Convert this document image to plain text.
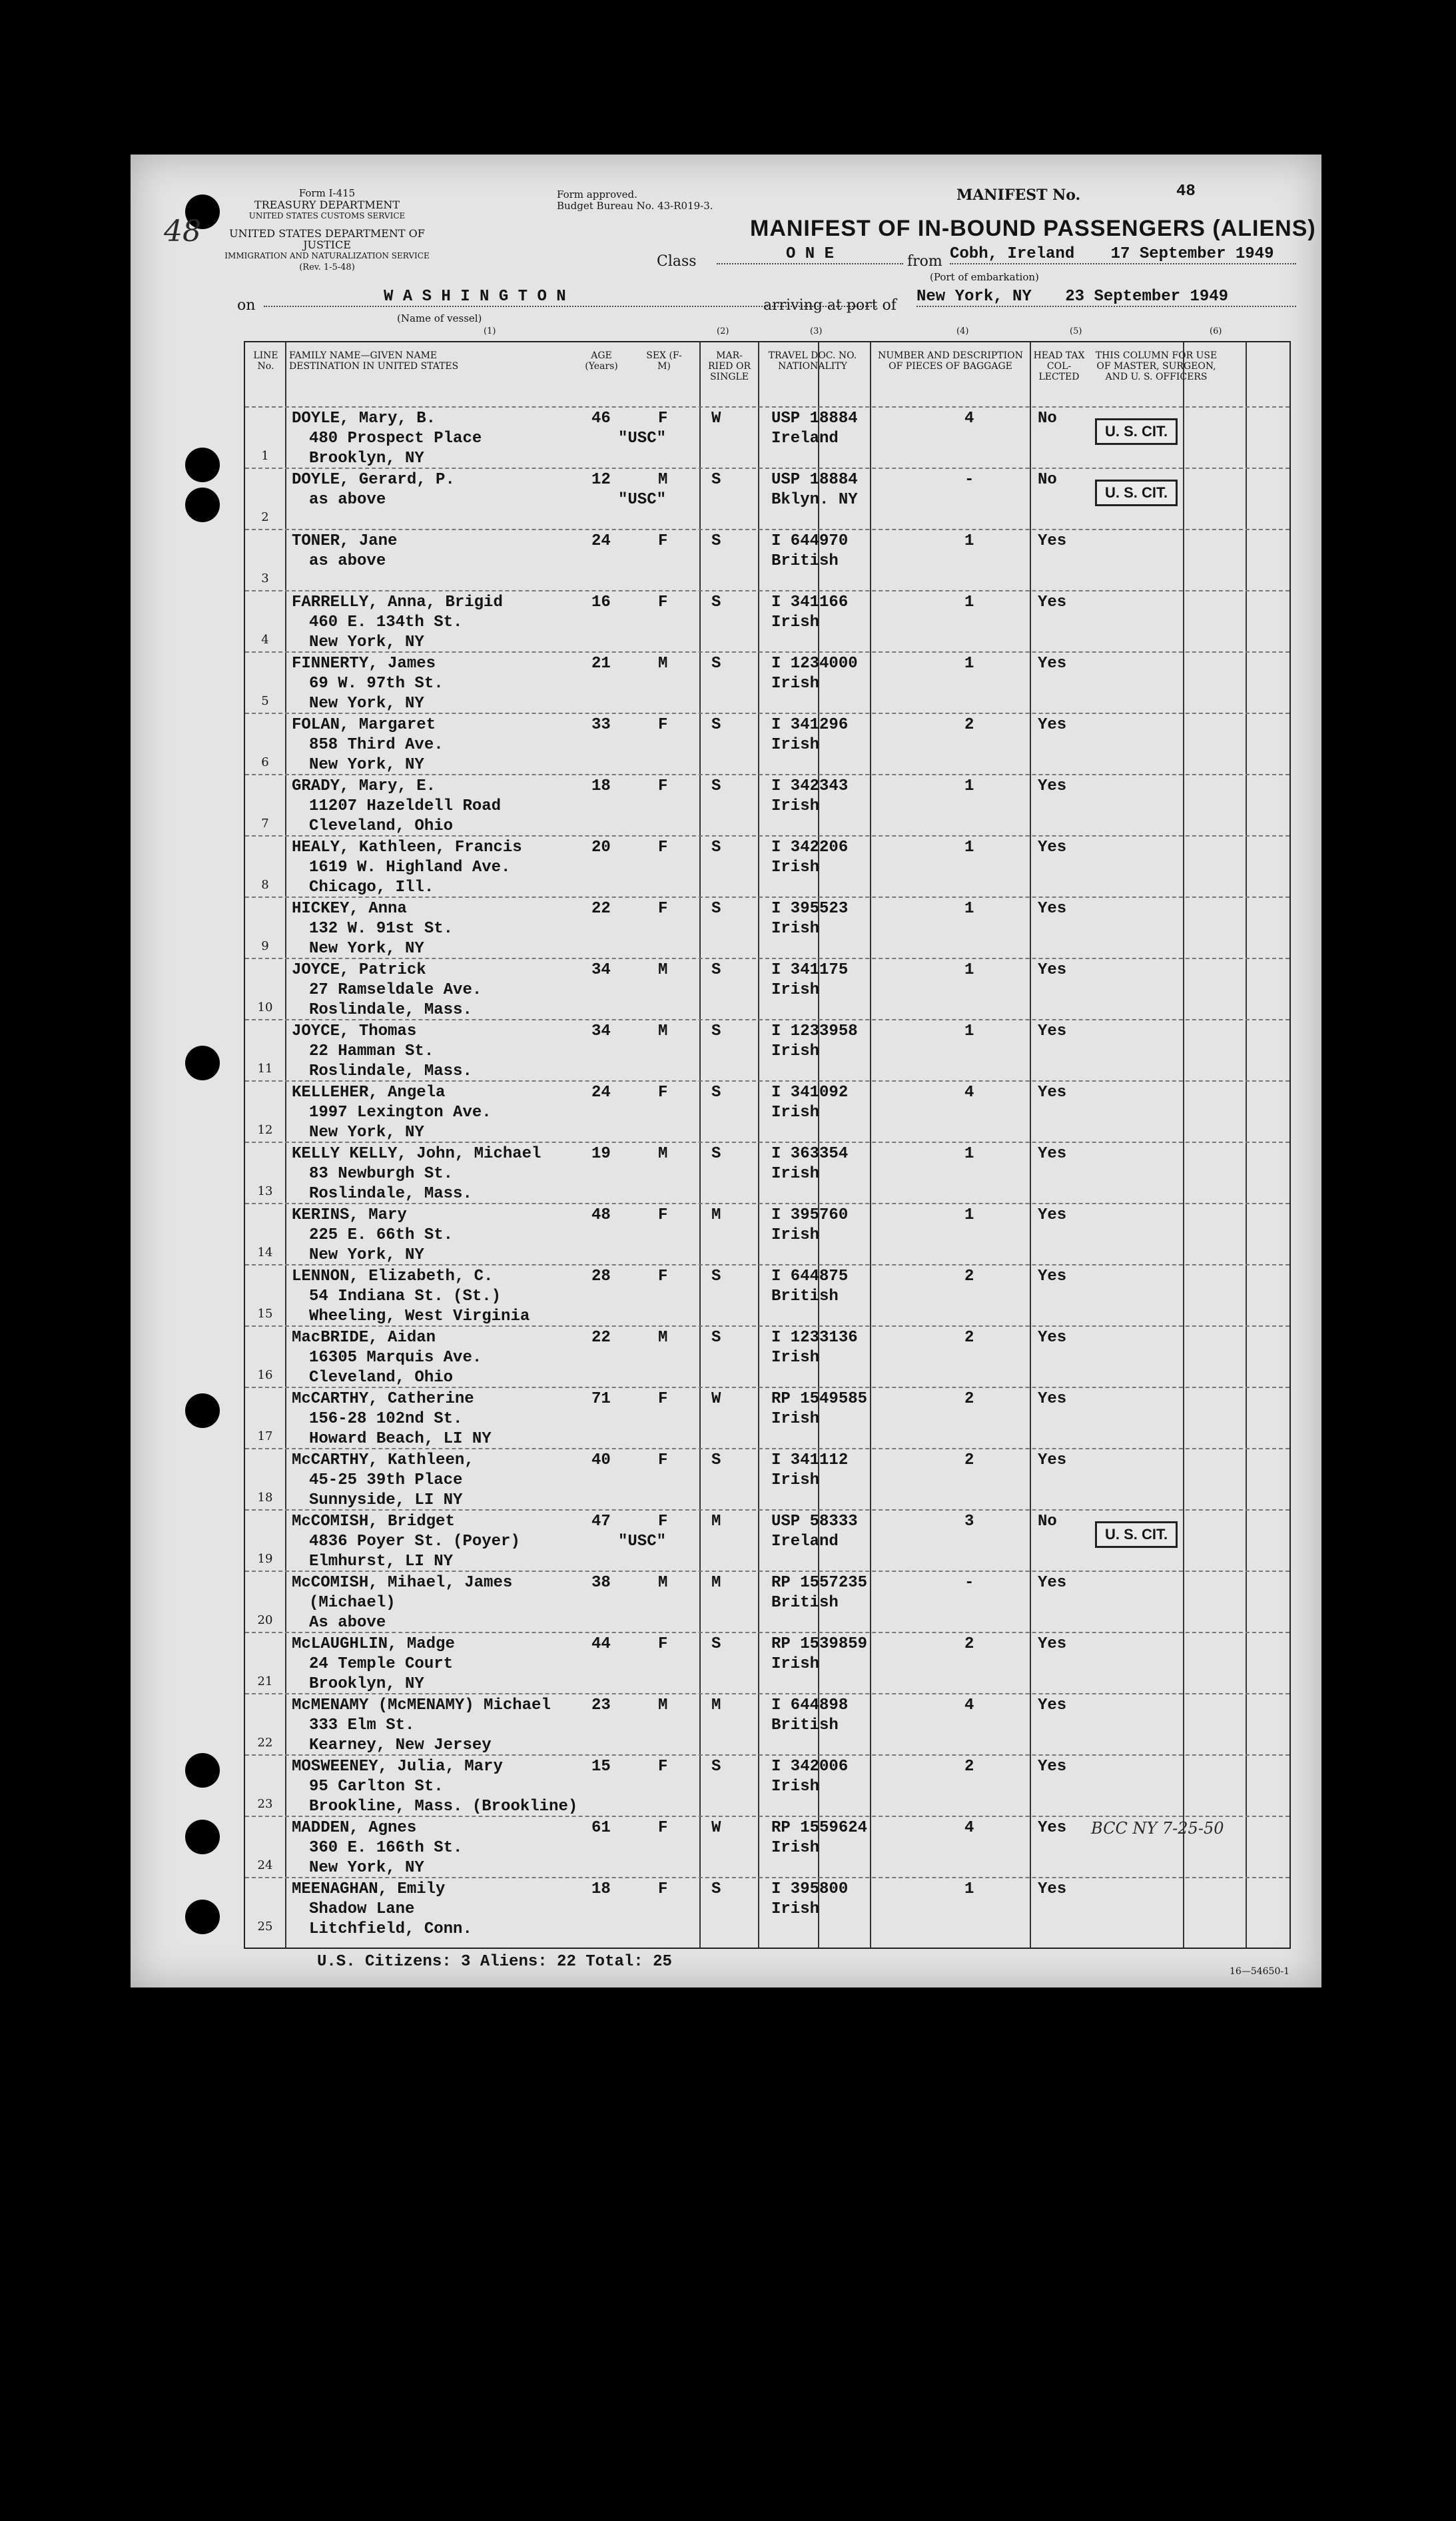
48
Form I-415
TREASURY DEPARTMENT
UNITED STATES CUSTOMS SERVICE
UNITED STATES DEPARTMENT OF JUSTICE
IMMIGRATION AND NATURALIZATION SERVICE
(Rev. 1-5-48)
Form approved.
Budget Bureau No. 43-R019-3.
MANIFEST No.	48
MANIFEST OF IN-BOUND PASSENGERS (ALIENS)
Class	O N E	from Cobh, Ireland 17 September 1949
(Port of embarkation)
on	W A S H I N G T O N
(Name of vessel)
arriving at port of New York, NY 23 September 1949
(1)	(2)	(3)	(4)	(5)	(6)
LINE No.
FAMILY NAME—GIVEN NAME DESTINATION IN UNITED STATES
AGE (Years)
SEX (F-M)
MAR-RIED OR SINGLE
TRAVEL DOC. NO. NATIONALITY
NUMBER AND DESCRIPTION OF PIECES OF BAGGAGE
HEAD TAX COL-LECTED
THIS COLUMN FOR USE OF MASTER, SURGEON, AND U. S. OFFICERS
1
DOYLE, Mary, B.
480 Prospect Place
Brooklyn, NY
46	F
"USC"
W	USP 18884
Ireland
4	No
U. S. CIT.
2
DOYLE, Gerard, P.
as above
12	M
"USC"
S	USP 18884
Bklyn. NY
-	No
U. S. CIT.
3
TONER, Jane
as above
24	F	S	I 644970
British
1	Yes
4
FARRELLY, Anna, Brigid
460 E. 134th St.
New York, NY
16	F	S	I 341166
Irish
1	Yes
5
FINNERTY, James
69 W. 97th St.
New York, NY
21	M	S	I 1234000
Irish
1	Yes
6
FOLAN, Margaret
858 Third Ave.
New York, NY
33	F	S	I 341296
Irish
2	Yes
7
GRADY, Mary, E.
11207 Hazeldell Road
Cleveland, Ohio
18	F	S	I 342343
Irish
1	Yes
8
HEALY, Kathleen, Francis
1619 W. Highland Ave.
Chicago, Ill.
20	F	S	I 342206
Irish
1	Yes
9
HICKEY, Anna
132 W. 91st St.
New York, NY
22	F	S	I 395523
Irish
1	Yes
10
JOYCE, Patrick
27 Ramseldale Ave.
Roslindale, Mass.
34	M	S	I 341175
Irish
1	Yes
11
JOYCE, Thomas
22 Hamman St.
Roslindale, Mass.
34	M	S	I 1233958
Irish
1	Yes
12
KELLEHER, Angela
1997 Lexington Ave.
New York, NY
24	F	S	I 341092
Irish
4	Yes
13
KELLY KELLY, John, Michael
83 Newburgh St.
Roslindale, Mass.
19	M	S	I 363354
Irish
1	Yes
14
KERINS, Mary
225 E. 66th St.
New York, NY
48	F	M	I 395760
Irish
1	Yes
15
LENNON, Elizabeth, C.
54 Indiana St. (St.)
Wheeling, West Virginia
28	F	S	I 644875
British
2	Yes
16
MacBRIDE, Aidan
16305 Marquis Ave.
Cleveland, Ohio
22	M	S	I 1233136
Irish
2	Yes
17
McCARTHY, Catherine
156-28 102nd St.
Howard Beach, LI NY
71	F	W	RP 1549585
Irish
2	Yes
18
McCARTHY, Kathleen,
45-25 39th Place
Sunnyside, LI NY
40	F	S	I 341112
Irish
2	Yes
19
McCOMISH, Bridget
4836 Poyer St. (Poyer)
Elmhurst, LI NY
47	F
"USC"
M	USP 58333
Ireland
3	No
U. S. CIT.
20
McCOMISH, Mihael, James
(Michael)
As above
38	M	M	RP 1557235
British
-	Yes
21
McLAUGHLIN, Madge
24 Temple Court
Brooklyn, NY
44	F	S	RP 1539859
Irish
2	Yes
22
McMENAMY (McMENAMY) Michael
333 Elm St.
Kearney, New Jersey
23	M	M	I 644898
British
4	Yes
23
MOSWEENEY, Julia, Mary
95 Carlton St.
Brookline, Mass. (Brookline)
15	F	S	I 342006
Irish
2	Yes
24
MADDEN, Agnes
360 E. 166th St.
New York, NY
61	F	W	RP 1559624
Irish
4	Yes BCC NY 7-25-50
25
MEENAGHAN, Emily
Shadow Lane
Litchfield, Conn.
18	F	S	I 395800
Irish
1	Yes
U.S. Citizens: 3 Aliens: 22 Total: 25
16—54650-1
